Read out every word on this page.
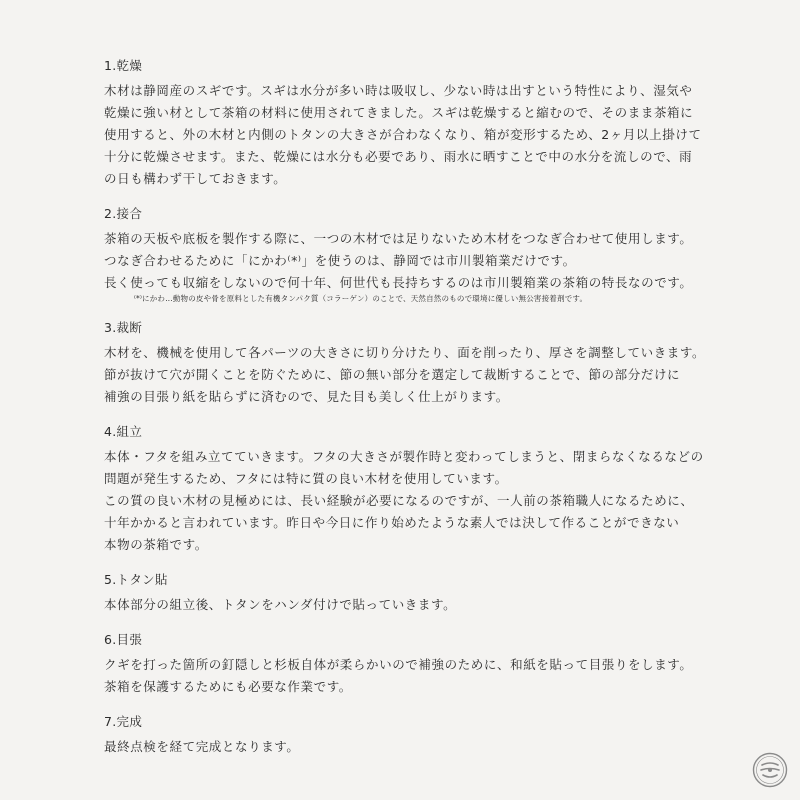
1.乾燥

木材は静岡産のスギです。スギは水分が多い時は吸収し、少ない時は出すという特性により、湿気や

乾燥に強い材として茶箱の材料に使用されてきました。スギは乾燥すると縮むので、そのまま茶箱に

使用すると、外の木材と内側のトタンの大きさが合わなくなり、箱が変形するため、2ヶ月以上掛けて

十分に乾燥させます。また、乾燥には水分も必要であり、雨水に晒すことで中の水分を流しので、雨

の日も構わず干しておきます。

2.接合

茶箱の天板や底板を製作する際に、一つの木材では足りないため木材をつなぎ合わせて使用します。

つなぎ合わせるために「にかわ⁽*⁾」を使うのは、静岡では市川製箱業だけです。

長く使っても収縮をしないので何十年、何世代も長持ちするのは市川製箱業の茶箱の特長なのです。

⁽*⁾にかわ…動物の皮や骨を原料とした有機タンパク質（コラーゲン）のことで、天然自然のもので環境に優しい無公害接着剤です。

3.裁断

木材を、機械を使用して各パーツの大きさに切り分けたり、面を削ったり、厚さを調整していきます。

節が抜けて穴が開くことを防ぐために、節の無い部分を選定して裁断することで、節の部分だけに

補強の目張り紙を貼らずに済むので、見た目も美しく仕上がります。

4.組立

本体・フタを組み立てていきます。フタの大きさが製作時と変わってしまうと、閉まらなくなるなどの

問題が発生するため、フタには特に質の良い木材を使用しています。

この質の良い木材の見極めには、長い経験が必要になるのですが、一人前の茶箱職人になるために、

十年かかると言われています。昨日や今日に作り始めたような素人では決して作ることができない

本物の茶箱です。

5.トタン貼

本体部分の組立後、トタンをハンダ付けで貼っていきます。

6.目張

クギを打った箇所の釘隠しと杉板自体が柔らかいので補強のために、和紙を貼って目張りをします。

茶箱を保護するためにも必要な作業です。

7.完成

最終点検を経て完成となります。
